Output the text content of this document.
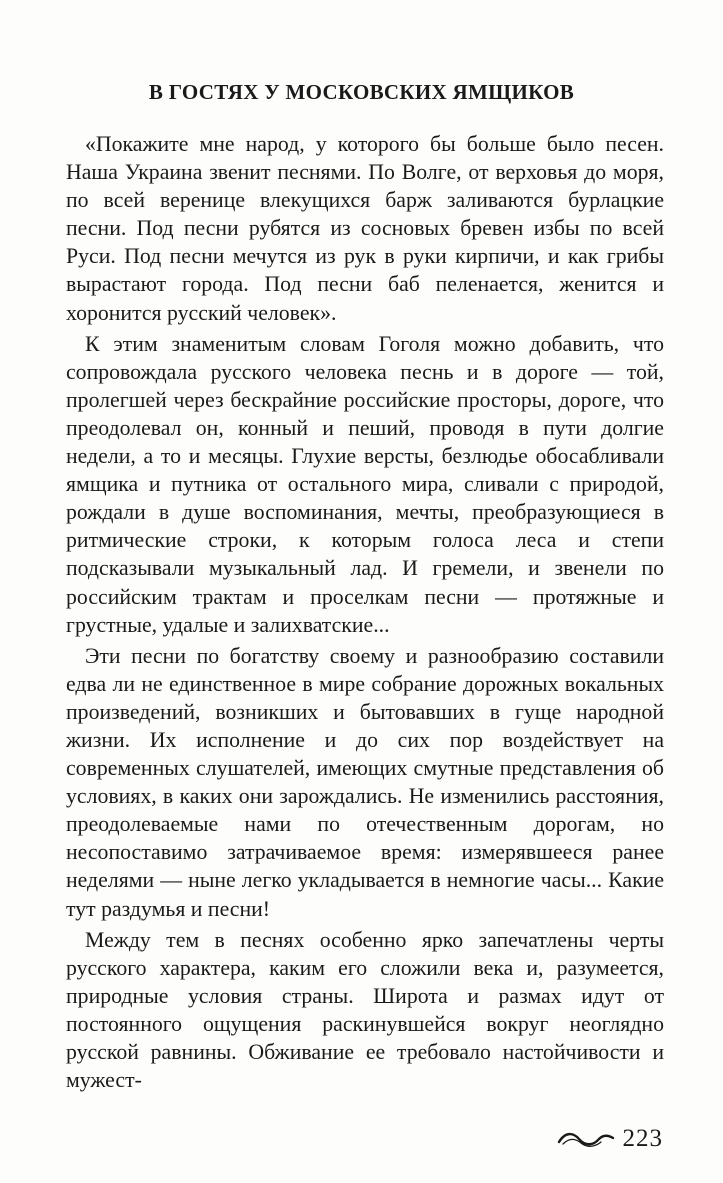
В ГОСТЯХ У МОСКОВСКИХ ЯМЩИКОВ

«Покажите мне народ, у которого бы больше было песен. Наша Украина звенит песнями. По Волге, от верховья до моря, по всей веренице влекущихся барж заливаются бурлацкие песни. Под песни рубятся из сосновых бревен избы по всей Руси. Под песни мечутся из рук в руки кирпичи, и как грибы вырастают города. Под песни баб пеленается, женится и хоронится русский человек».

К этим знаменитым словам Гоголя можно добавить, что сопровождала русского человека песнь и в дороге — той, пролегшей через бескрайние российские просторы, дороге, что преодолевал он, конный и пеший, проводя в пути долгие недели, а то и месяцы. Глухие версты, безлюдье обосабливали ямщика и путника от остального мира, сливали с природой, рождали в душе воспоминания, мечты, преобразующиеся в ритмические строки, к которым голоса леса и степи подсказывали музыкальный лад. И гремели, и звенели по российским трактам и проселкам песни — протяжные и грустные, удалые и залихватские...

Эти песни по богатству своему и разнообразию составили едва ли не единственное в мире собрание дорожных вокальных произведений, возникших и бытовавших в гуще народной жизни. Их исполнение и до сих пор воздействует на современных слушателей, имеющих смутные представления об условиях, в каких они зарождались. Не изменились расстояния, преодолеваемые нами по отечественным дорогам, но несопоставимо затрачиваемое время: измерявшееся ранее неделями — ныне легко укладывается в немногие часы... Какие тут раздумья и песни!

Между тем в песнях особенно ярко запечатлены черты русского характера, каким его сложили века и, разумеется, природные условия страны. Широта и размах идут от постоянного ощущения раскинувшейся вокруг неоглядно русской равнины. Обживание ее требовало настойчивости и мужест-

223
